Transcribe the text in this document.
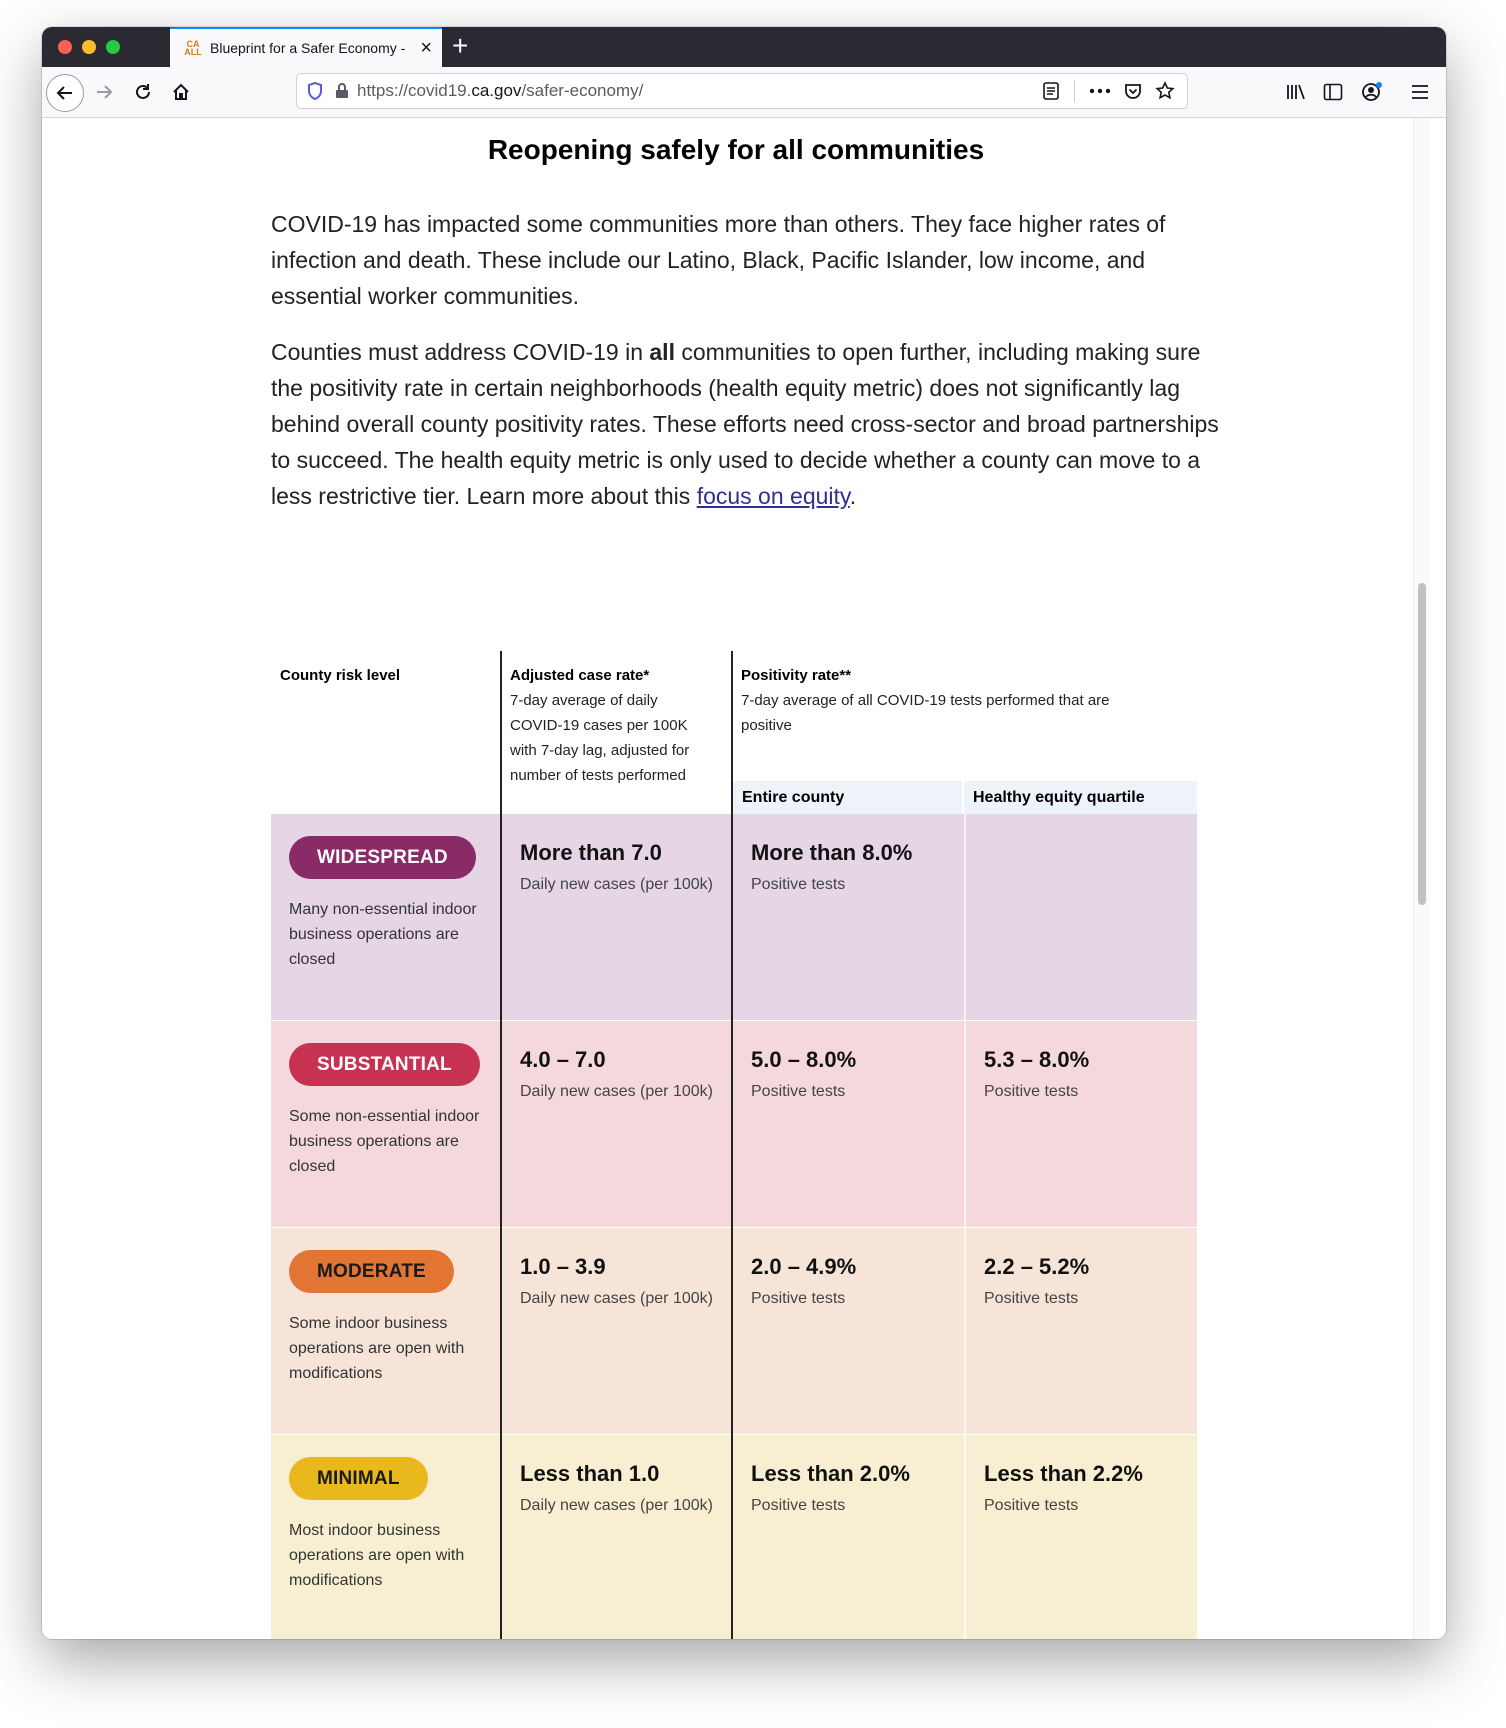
CA
ALL Blueprint for a Safer Economy - × +
https://covid19.ca.gov/safer-economy/
Reopening safely for all communities
COVID-19 has impacted some communities more than others. They face higher rates of infection and death. These include our Latino, Black, Pacific Islander, low income, and essential worker communities.
Counties must address COVID-19 in all communities to open further, including making sure the positivity rate in certain neighborhoods (health equity metric) does not significantly lag behind overall county positivity rates. These efforts need cross-sector and broad partnerships to succeed. The health equity metric is only used to decide whether a county can move to a less restrictive tier. Learn more about this focus on equity.
County risk level	Adjusted case rate*
7-day average of daily COVID-19 cases per 100K with 7-day lag, adjusted for number of tests performed
Positivity rate**
7-day average of all COVID-19 tests performed that are positive
Entire county	Healthy equity quartile
WIDESPREAD
Many non-essential indoor business operations are closed
More than 7.0
Daily new cases (per 100k)
More than 8.0%
Positive tests
SUBSTANTIAL
Some non-essential indoor business operations are closed
4.0 – 7.0
Daily new cases (per 100k)
5.0 – 8.0%
Positive tests
5.3 – 8.0%
Positive tests
MODERATE
Some indoor business operations are open with modifications
1.0 – 3.9
Daily new cases (per 100k)
2.0 – 4.9%
Positive tests
2.2 – 5.2%
Positive tests
MINIMAL
Most indoor business operations are open with modifications
Less than 1.0
Daily new cases (per 100k)
Less than 2.0%
Positive tests
Less than 2.2%
Positive tests
